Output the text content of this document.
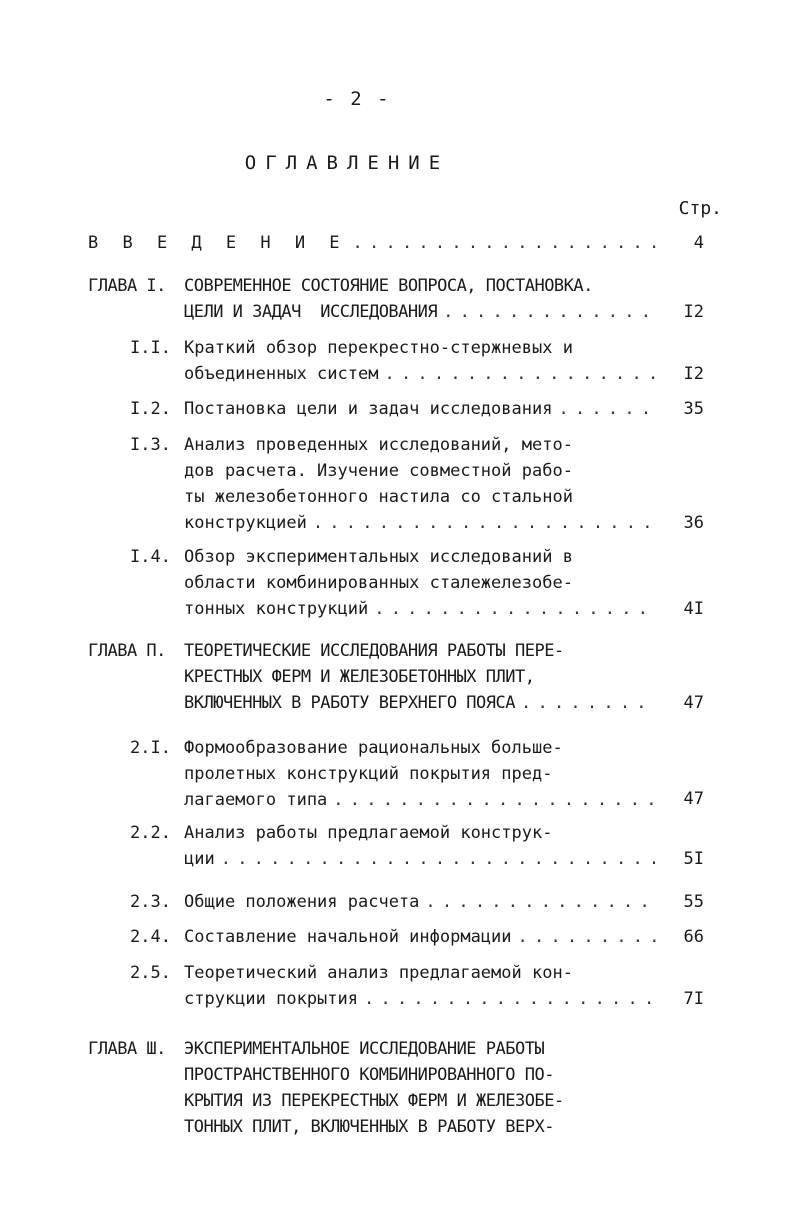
- 2 -
ОГЛАВЛЕНИЕ
Стр.
В В Е Д Е Н И Е . . .	4
ГЛАВА I. СОВРЕМЕННОЕ СОСТОЯНИЕ ВОПРОСА, ПОСТАНОВКА.
ЦЕЛИ И ЗАДАЧ  ИССЛЕДОВАНИЯ . . .	I2
I.I. Краткий обзор перекрестно-стержневых и
объединенных систем . . .	I2
I.2. Постановка цели и задач исследования . . .	35
I.3. Анализ проведенных исследований, мето-
дов расчета. Изучение совместной рабо-
ты железобетонного настила со стальной
конструкцией . . .	36
I.4. Обзор экспериментальных исследований в
области комбинированных сталежелезобе-
тонных конструкций . . .	4I
ГЛАВА П. ТЕОРЕТИЧЕСКИЕ ИССЛЕДОВАНИЯ РАБОТЫ ПЕРЕ-
КРЕСТНЫХ ФЕРМ И ЖЕЛЕЗОБЕТОННЫХ ПЛИТ,
ВКЛЮЧЕННЫХ В РАБОТУ ВЕРХНЕГО ПОЯСА . . .	47
2.I. Формообразование рациональных больше-
пролетных конструкций покрытия пред-
лагаемого типа . . .	47
2.2. Анализ работы предлагаемой конструк-
ции . . .	5I
2.3. Общие положения расчета . . .	55
2.4. Составление начальной информации . . .	66
2.5. Теоретический анализ предлагаемой кон-
струкции покрытия . . .	7I
ГЛАВА Ш. ЭКСПЕРИМЕНТАЛЬНОЕ ИССЛЕДОВАНИЕ РАБОТЫ
ПРОСТРАНСТВЕННОГО КОМБИНИРОВАННОГО ПО-
КРЫТИЯ ИЗ ПЕРЕКРЕСТНЫХ ФЕРМ И ЖЕЛЕЗОБЕ-
ТОННЫХ ПЛИТ, ВКЛЮЧЕННЫХ В РАБОТУ ВЕРХ-
